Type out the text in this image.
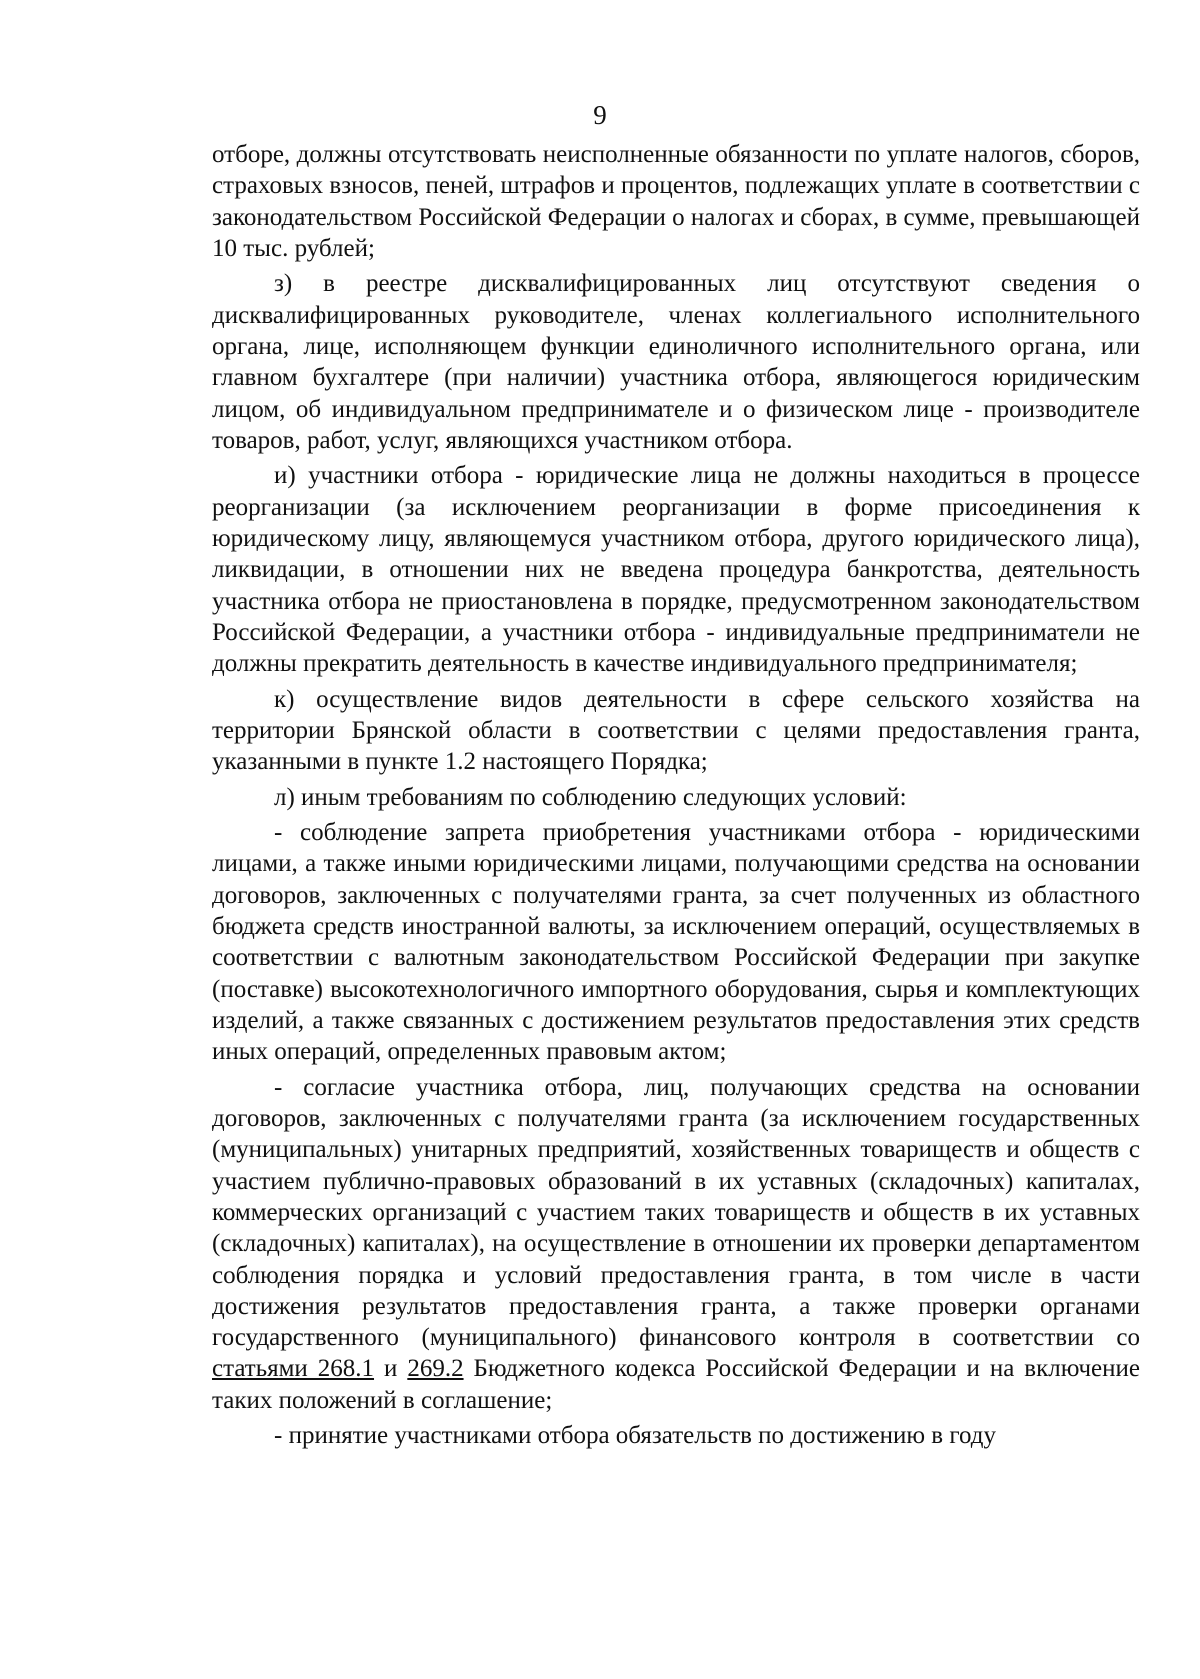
9

отборе, должны отсутствовать неисполненные обязанности по уплате налогов, сборов, страховых взносов, пеней, штрафов и процентов, подлежащих уплате в соответствии с законодательством Российской Федерации о налогах и сборах, в сумме, превышающей 10 тыс. рублей;

з) в реестре дисквалифицированных лиц отсутствуют сведения о дисквалифицированных руководителе, членах коллегиального исполнительного органа, лице, исполняющем функции единоличного исполнительного органа, или главном бухгалтере (при наличии) участника отбора, являющегося юридическим лицом, об индивидуальном предпринимателе и о физическом лице - производителе товаров, работ, услуг, являющихся участником отбора.

и) участники отбора - юридические лица не должны находиться в процессе реорганизации (за исключением реорганизации в форме присоединения к юридическому лицу, являющемуся участником отбора, другого юридического лица), ликвидации, в отношении них не введена процедура банкротства, деятельность участника отбора не приостановлена в порядке, предусмотренном законодательством Российской Федерации, а участники отбора - индивидуальные предприниматели не должны прекратить деятельность в качестве индивидуального предпринимателя;

к) осуществление видов деятельности в сфере сельского хозяйства на территории Брянской области в соответствии с целями предоставления гранта, указанными в пункте 1.2 настоящего Порядка;

л) иным требованиям по соблюдению следующих условий:

- соблюдение запрета приобретения участниками отбора - юридическими лицами, а также иными юридическими лицами, получающими средства на основании договоров, заключенных с получателями гранта, за счет полученных из областного бюджета средств иностранной валюты, за исключением операций, осуществляемых в соответствии с валютным законодательством Российской Федерации при закупке (поставке) высокотехнологичного импортного оборудования, сырья и комплектующих изделий, а также связанных с достижением результатов предоставления этих средств иных операций, определенных правовым актом;

- согласие участника отбора, лиц, получающих средства на основании договоров, заключенных с получателями гранта (за исключением государственных (муниципальных) унитарных предприятий, хозяйственных товариществ и обществ с участием публично-правовых образований в их уставных (складочных) капиталах, коммерческих организаций с участием таких товариществ и обществ в их уставных (складочных) капиталах), на осуществление в отношении их проверки департаментом соблюдения порядка и условий предоставления гранта, в том числе в части достижения результатов предоставления гранта, а также проверки органами государственного (муниципального) финансового контроля в соответствии со статьями 268.1 и 269.2 Бюджетного кодекса Российской Федерации и на включение таких положений в соглашение;

- принятие участниками отбора обязательств по достижению в году
